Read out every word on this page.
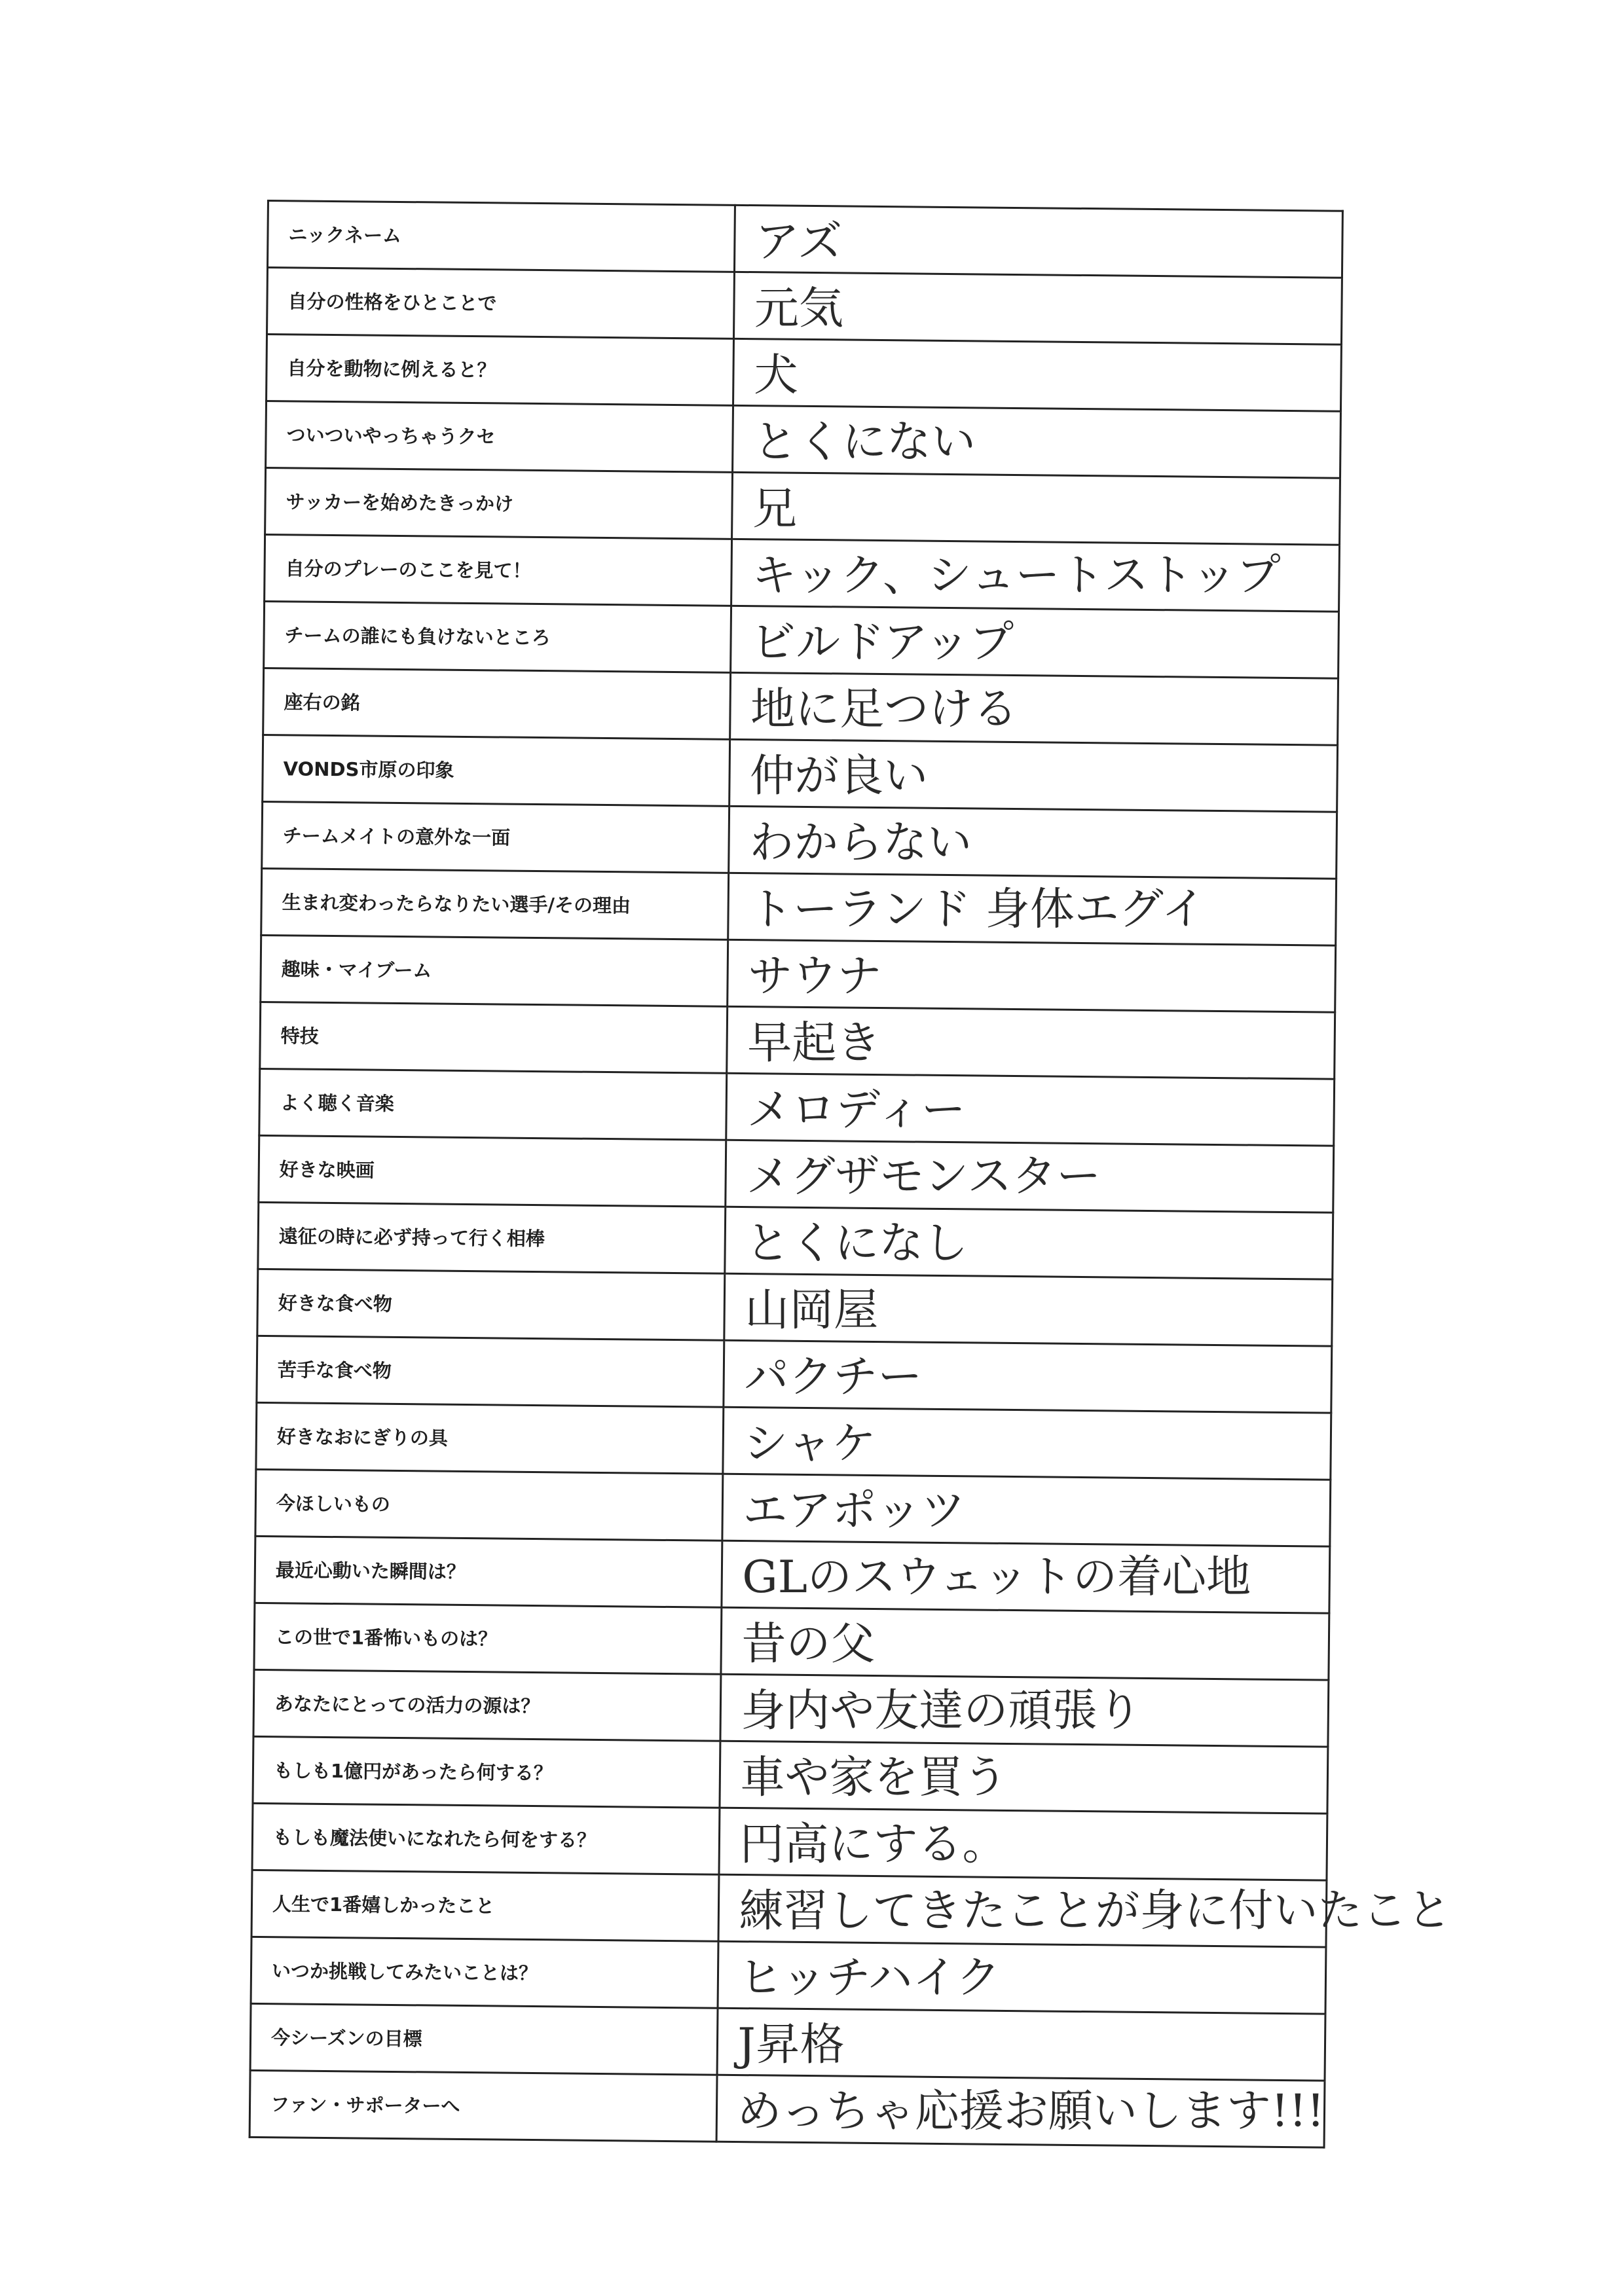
ニックネーム	アズ

自分の性格をひとことで	元気

自分を動物に例えると？	犬

ついついやっちゃうクセ	とくにない

サッカーを始めたきっかけ	兄

自分のプレーのここを見て！	キック、シュートストップ

チームの誰にも負けないところ	ビルドアップ

座右の銘	地に足つける

VONDS市原の印象	仲が良い

チームメイトの意外な一面	わからない

生まれ変わったらなりたい選手/その理由	トーランド 身体エグイ

趣味・マイブーム	サウナ

特技	早起き

よく聴く音楽	メロディー

好きな映画	メグザモンスター

遠征の時に必ず持って行く相棒	とくになし

好きな食べ物	山岡屋

苦手な食べ物	パクチー

好きなおにぎりの具	シャケ

今ほしいもの	エアポッツ

最近心動いた瞬間は？	GLのスウェットの着心地

この世で1番怖いものは？	昔の父

あなたにとっての活力の源は？	身内や友達の頑張り

もしも1億円があったら何する？	車や家を買う

もしも魔法使いになれたら何をする？	円高にする。

人生で1番嬉しかったこと	練習してきたことが身に付いたこと

いつか挑戦してみたいことは？	ヒッチハイク

今シーズンの目標	J昇格

ファン・サポーターへ	めっちゃ応援お願いします!!!
